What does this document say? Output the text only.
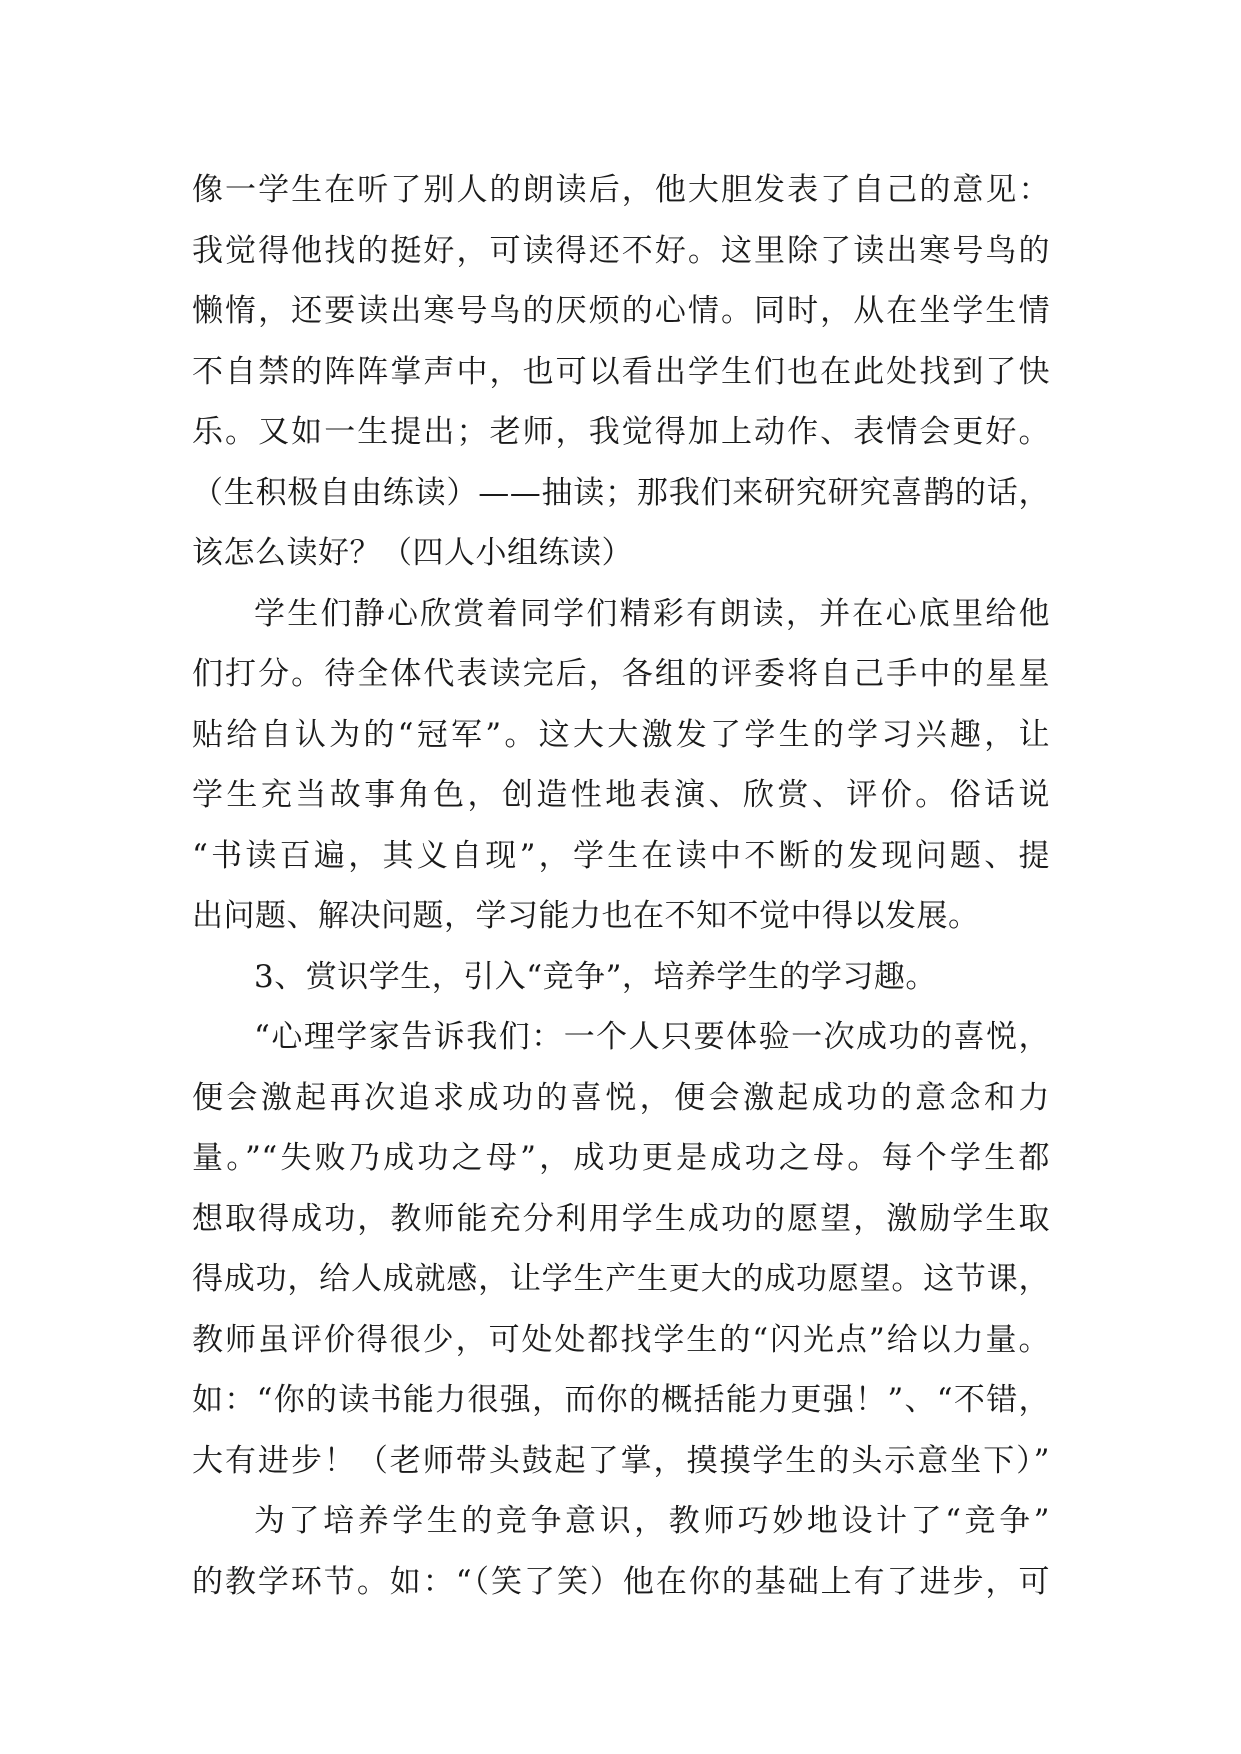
像一学生在听了别人的朗读后，他大胆发表了自己的意见：
我觉得他找的挺好，可读得还不好。这里除了读出寒号鸟的
懒惰，还要读出寒号鸟的厌烦的心情。同时，从在坐学生情
不自禁的阵阵掌声中，也可以看出学生们也在此处找到了快
乐。又如一生提出；老师，我觉得加上动作、表情会更好。
（生积极自由练读）——抽读；那我们来研究研究喜鹊的话，
该怎么读好？（四人小组练读）
学生们静心欣赏着同学们精彩有朗读，并在心底里给他
们打分。待全体代表读完后，各组的评委将自己手中的星星
贴给自认为的“冠军”。这大大激发了学生的学习兴趣，让
学生充当故事角色，创造性地表演、欣赏、评价。俗话说
“书读百遍，其义自现”，学生在读中不断的发现问题、提
出问题、解决问题，学习能力也在不知不觉中得以发展。
3、赏识学生，引入“竞争”，培养学生的学习趣。
“心理学家告诉我们：一个人只要体验一次成功的喜悦，
便会激起再次追求成功的喜悦，便会激起成功的意念和力
量。”“失败乃成功之母”，成功更是成功之母。每个学生都
想取得成功，教师能充分利用学生成功的愿望，激励学生取
得成功，给人成就感，让学生产生更大的成功愿望。这节课，
教师虽评价得很少，可处处都找学生的“闪光点”给以力量。
如：“你的读书能力很强，而你的概括能力更强！”、“不错，
大有进步！（老师带头鼓起了掌，摸摸学生的头示意坐下）”
为了培养学生的竞争意识，教师巧妙地设计了“竞争”
的教学环节。如：“（笑了笑）他在你的基础上有了进步，可
